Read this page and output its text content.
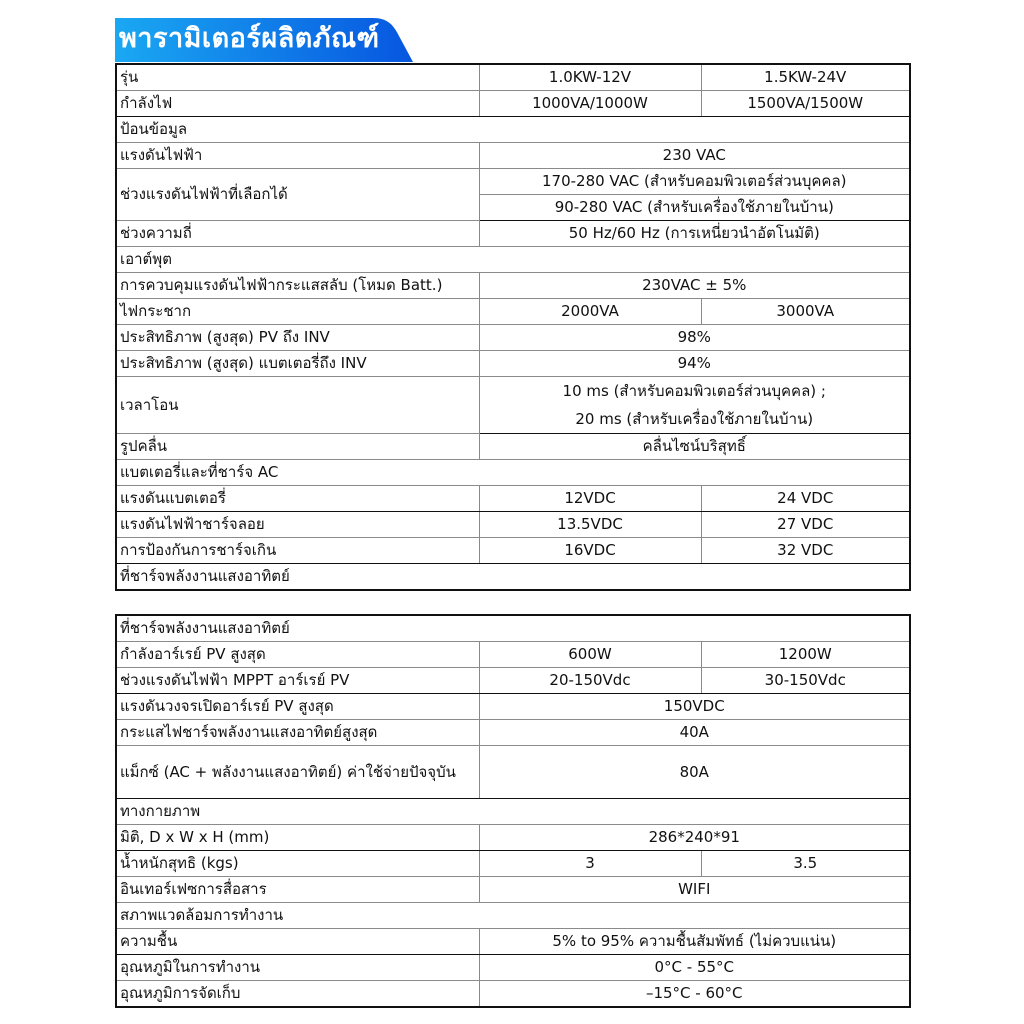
พารามิเตอร์ผลิตภัณฑ์
รุ่น	1.0KW-12V	1.5KW-24V
กำลังไฟ	1000VA/1000W	1500VA/1500W
ป้อนข้อมูล		
แรงดันไฟฟ้า	230 VAC	
ช่วงแรงดันไฟฟ้าที่เลือกได้	170-280 VAC (สำหรับคอมพิวเตอร์ส่วนบุคคล)	
	90-280 VAC (สำหรับเครื่องใช้ภายในบ้าน)	
ช่วงความถี่	50 Hz/60 Hz (การเหนี่ยวนำอัตโนมัติ)	
เอาต์พุต		
การควบคุมแรงดันไฟฟ้ากระแสสลับ (โหมด Batt.)	230VAC ± 5%	
ไฟกระชาก	2000VA	3000VA
ประสิทธิภาพ (สูงสุด) PV ถึง INV	98%	
ประสิทธิภาพ (สูงสุด) แบตเตอรี่ถึง INV	94%	
เวลาโอน	10 ms (สำหรับคอมพิวเตอร์ส่วนบุคคล) ;	
	20 ms (สำหรับเครื่องใช้ภายในบ้าน)	
รูปคลื่น	คลื่นไซน์บริสุทธิ์	
แบตเตอรี่และที่ชาร์จ AC		
แรงดันแบตเตอรี่	12VDC	24 VDC
แรงดันไฟฟ้าชาร์จลอย	13.5VDC	27 VDC
การป้องกันการชาร์จเกิน	16VDC	32 VDC
ที่ชาร์จพลังงานแสงอาทิตย์		
ที่ชาร์จพลังงานแสงอาทิตย์		
กำลังอาร์เรย์ PV สูงสุด	600W	1200W
ช่วงแรงดันไฟฟ้า MPPT อาร์เรย์ PV	20-150Vdc	30-150Vdc
แรงดันวงจรเปิดอาร์เรย์ PV สูงสุด	150VDC	
กระแสไฟชาร์จพลังงานแสงอาทิตย์สูงสุด	40A	
แม็กซ์ (AC + พลังงานแสงอาทิตย์) ค่าใช้จ่ายปัจจุบัน	80A	
ทางกายภาพ		
มิติ, D x W x H (mm)	286*240*91	
น้ำหนักสุทธิ (kgs)	3	3.5
อินเทอร์เฟซการสื่อสาร	WIFI	
สภาพแวดล้อมการทำงาน		
ความชื้น	5% to 95% ความชื้นสัมพัทธ์ (ไม่ควบแน่น)	
อุณหภูมิในการทำงาน	0°C - 55°C	
อุณหภูมิการจัดเก็บ	–15°C - 60°C	
